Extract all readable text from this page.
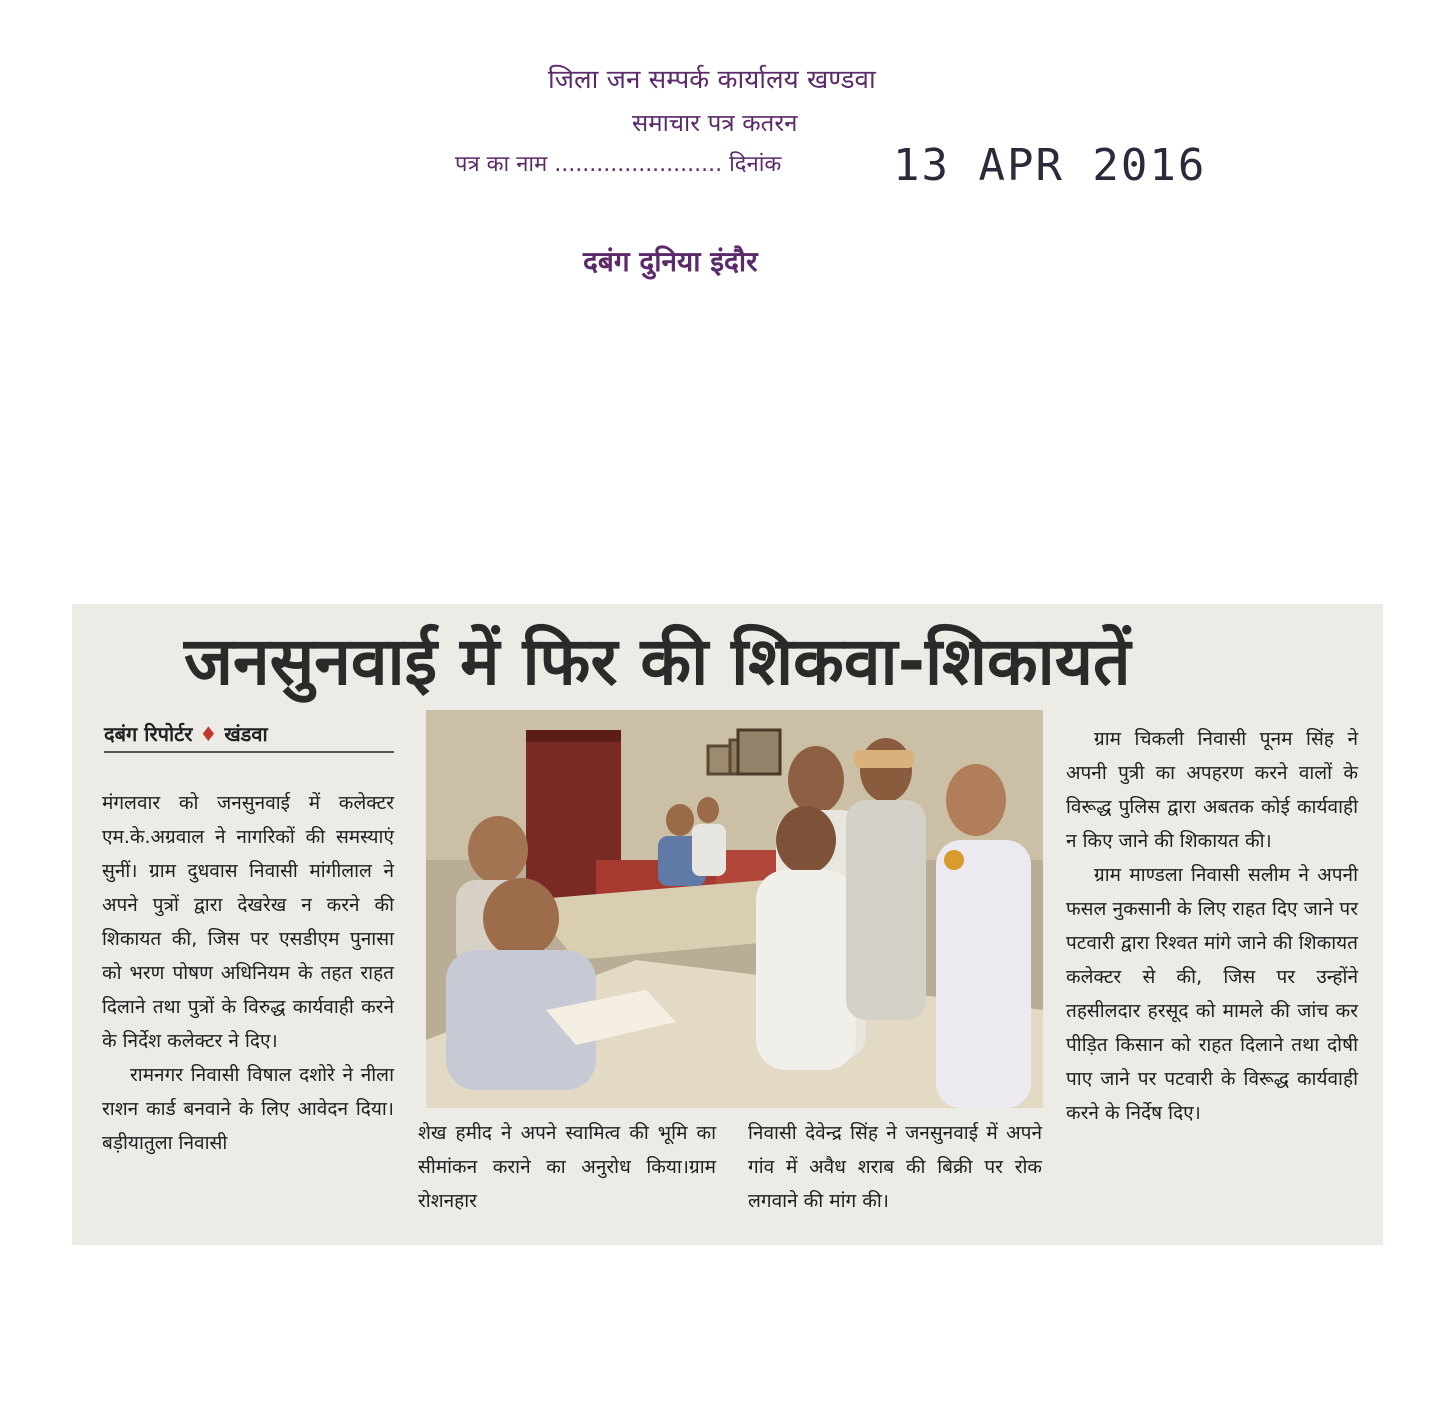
जिला जन सम्पर्क कार्यालय खण्डवा
समाचार पत्र कतरन
पत्र का नाम ........................ दिनांक	13 APR 2016
दबंग दुनिया इंदौर
जनसुनवाई में फिर की शिकवा-शिकायतें
दबंग रिपोर्टर ♦ खंडवा

मंगलवार को जनसुनवाई में कलेक्टर एम.के.अग्रवाल ने नागरिकों की समस्याएं सुनीं। ग्राम दुधवास निवासी मांगीलाल ने अपने पुत्रों द्वारा देखरेख न करने की शिकायत की, जिस पर एसडीएम पुनासा को भरण पोषण अधिनियम के तहत राहत दिलाने तथा पुत्रों के विरुद्ध कार्यवाही करने के निर्देश कलेक्टर ने दिए।

रामनगर निवासी विषाल दशोरे ने नीला राशन कार्ड बनवाने के लिए आवेदन दिया। बड़ीयातुला निवासी	शेख हमीद ने अपने स्वामित्व की भूमि का सीमांकन कराने का अनुरोध किया।ग्राम रोशनहार

निवासी देवेन्द्र सिंह ने जनसुनवाई में अपने गांव में अवैध शराब की बिक्री पर रोक लगवाने की मांग की।

ग्राम चिकली निवासी पूनम सिंह ने अपनी पुत्री का अपहरण करने वालों के विरूद्ध पुलिस द्वारा अबतक कोई कार्यवाही न किए जाने की शिकायत की।

ग्राम माण्डला निवासी सलीम ने अपनी फसल नुकसानी के लिए राहत दिए जाने पर पटवारी द्वारा रिश्वत मांगे जाने की शिकायत कलेक्टर से की, जिस पर उन्होंने तहसीलदार हरसूद को मामले की जांच कर पीड़ित किसान को राहत दिलाने तथा दोषी पाए जाने पर पटवारी के विरूद्ध कार्यवाही करने के निर्देष दिए।
